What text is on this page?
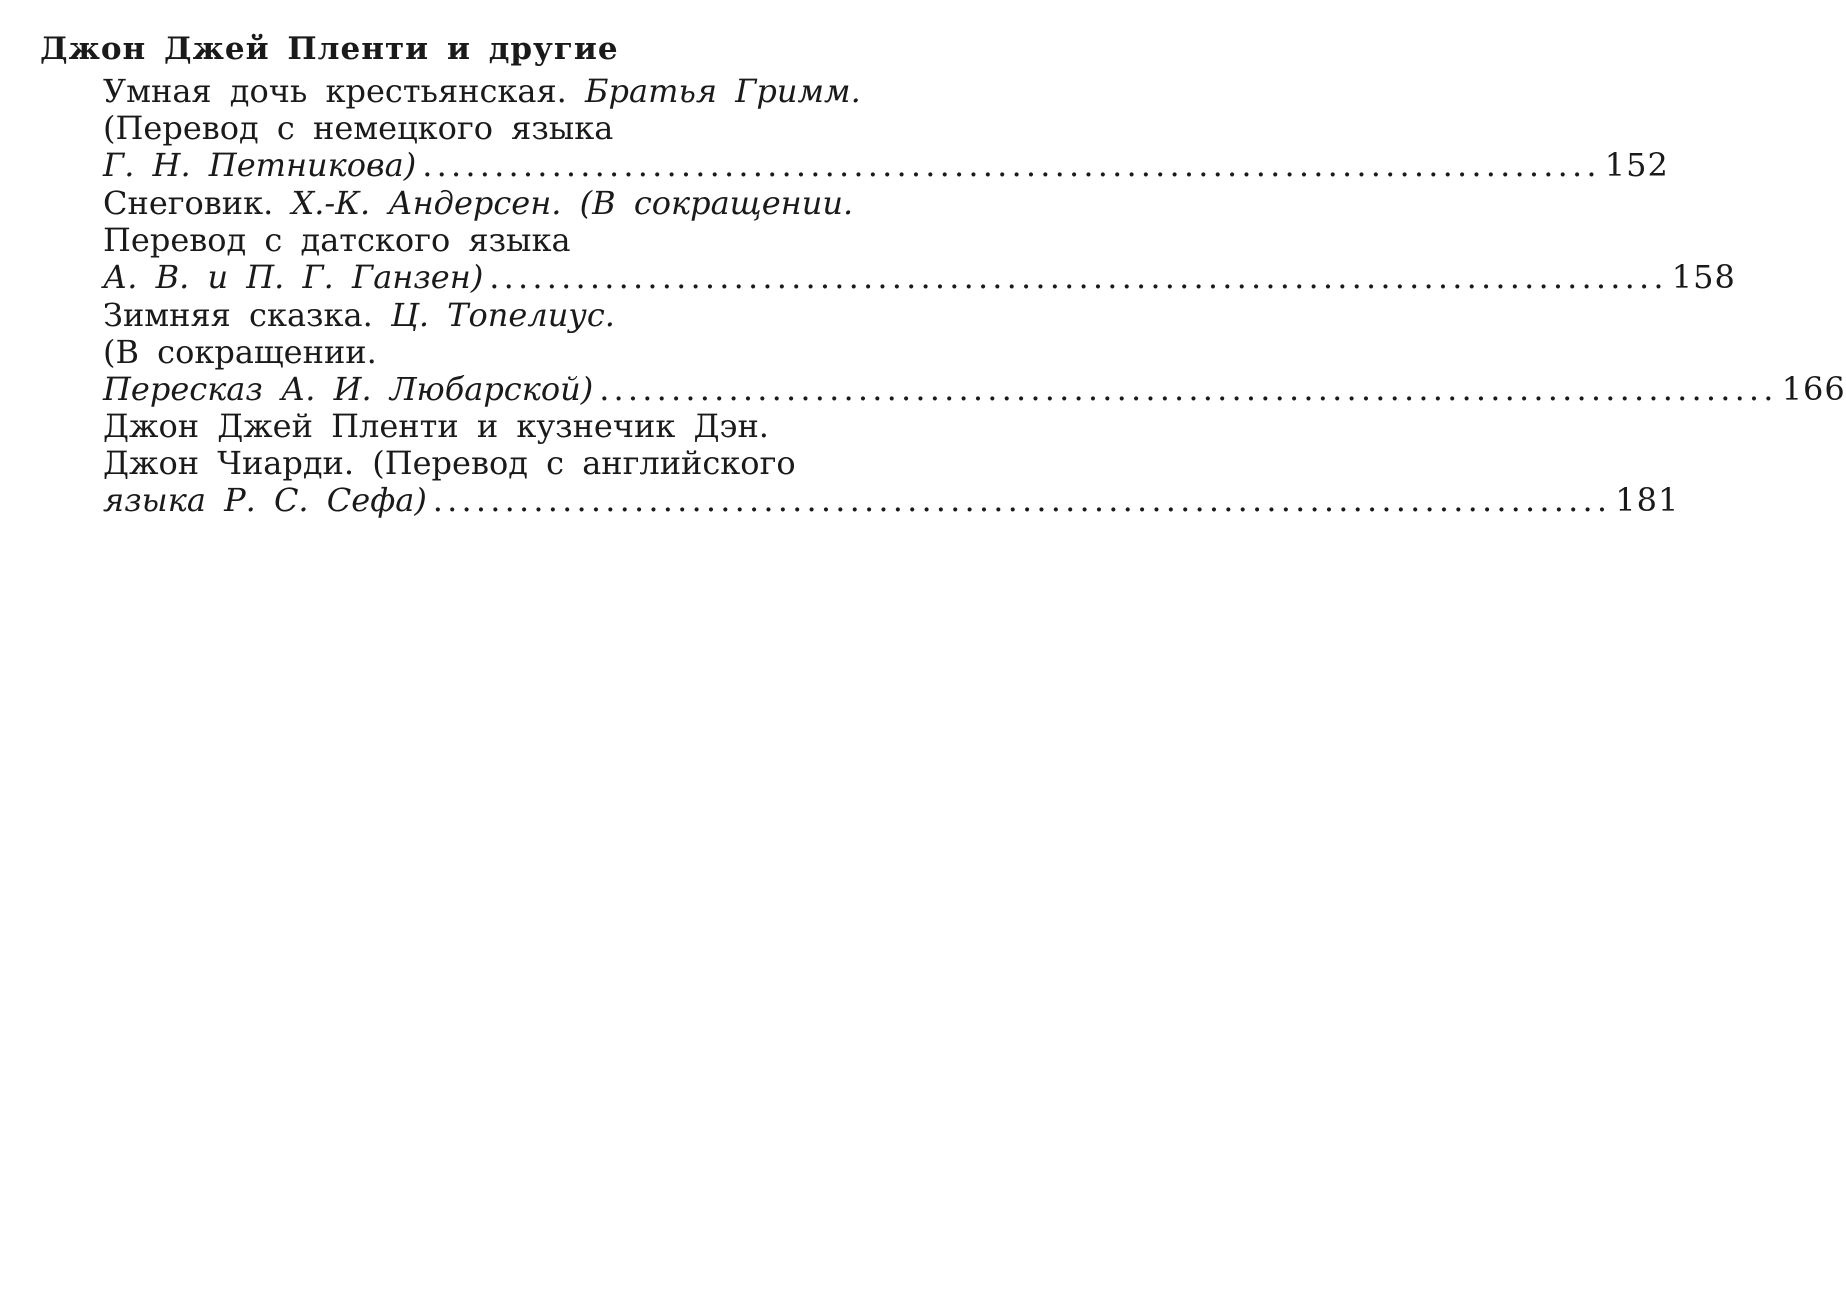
Джон Джей Пленти и другие
Умная дочь крестьянская. Братья Гримм.
(Перевод с немецкого языка
Г. Н. Петникова) .................................................................................. 152
Снеговик. Х.-К. Андерсен. (В сокращении.
Перевод с датского языка
А. В. и П. Г. Ганзен) .................................................................................. 158
Зимняя сказка. Ц. Топелиус.
(В сокращении.
Пересказ А. И. Любарской) .................................................................................. 166
Джон Джей Пленти и кузнечик Дэн.
Джон Чиарди. (Перевод с английского
языка Р. С. Сефа) .................................................................................. 181
